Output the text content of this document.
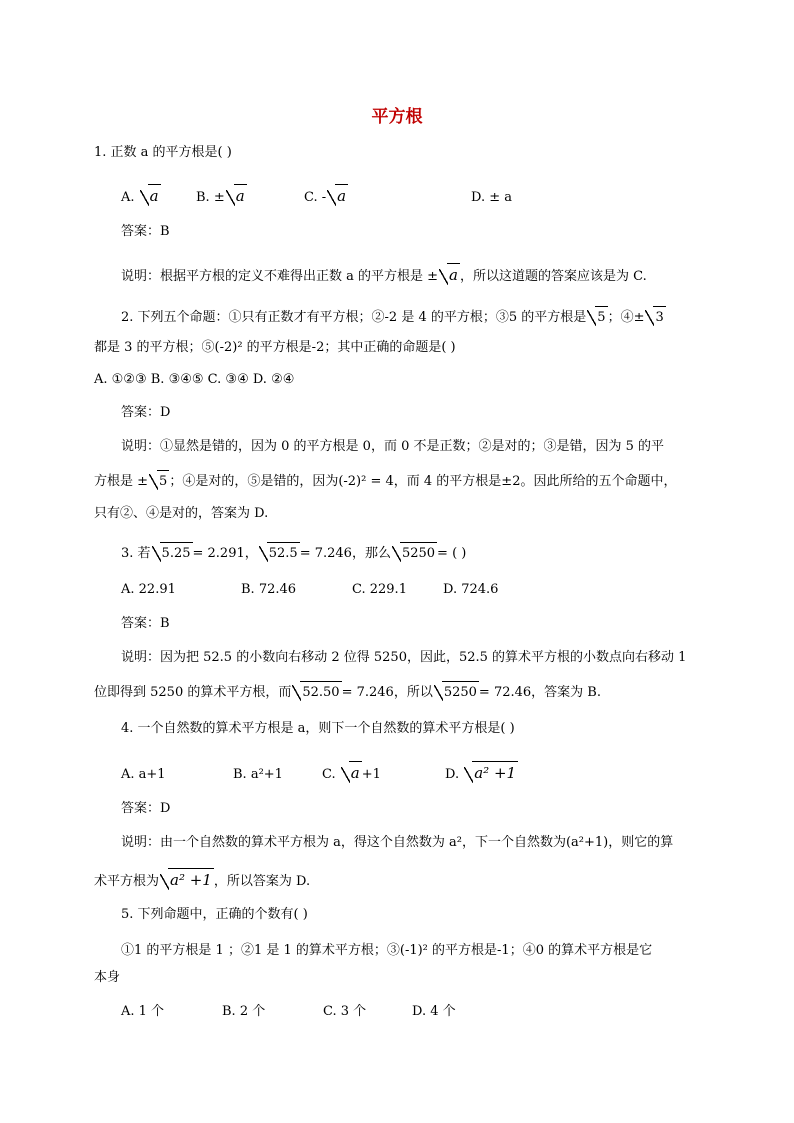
平方根
1. 正数 a 的平方根是( )
A. a	B. ± a	C. - a	D. ± a
答案：B
说明：根据平方根的定义不难得出正数 a 的平方根是 ± a ，所以这道题的答案应该是为 C.
2. 下列五个命题：①只有正数才有平方根；②-2 是 4 的平方根；③5 的平方根是 5 ；④± 3
都是 3 的平方根；⑤(-2)² 的平方根是-2；其中正确的命题是( )
A. ①②③ B. ③④⑤ C. ③④ D. ②④
答案：D
说明：①显然是错的，因为 0 的平方根是 0，而 0 不是正数；②是对的；③是错，因为 5 的平
方根是 ± 5 ；④是对的，⑤是错的，因为(-2)² = 4，而 4 的平方根是±2。因此所给的五个命题中，
只有②、④是对的，答案为 D.
3. 若 5.25 = 2.291， 52.5 = 7.246，那么 5250 = ( )
A. 22.91	B. 72.46	C. 229.1	D. 724.6
答案：B
说明：因为把 52.5 的小数向右移动 2 位得 5250，因此，52.5 的算术平方根的小数点向右移动 1
位即得到 5250 的算术平方根，而 52.50 = 7.246，所以 5250 = 72.46，答案为 B.
4. 一个自然数的算术平方根是 a，则下一个自然数的算术平方根是( )
A. a+1	B. a²+1	C. a +1	D. a² +1
答案：D
说明：由一个自然数的算术平方根为 a，得这个自然数为 a²，下一个自然数为(a²+1)，则它的算
术平方根为 a² +1 ，所以答案为 D.
5. 下列命题中，正确的个数有( )
①1 的平方根是 1 ；②1 是 1 的算术平方根；③(-1)² 的平方根是-1；④0 的算术平方根是它
本身
A. 1 个	B. 2 个	C. 3 个	D. 4 个
